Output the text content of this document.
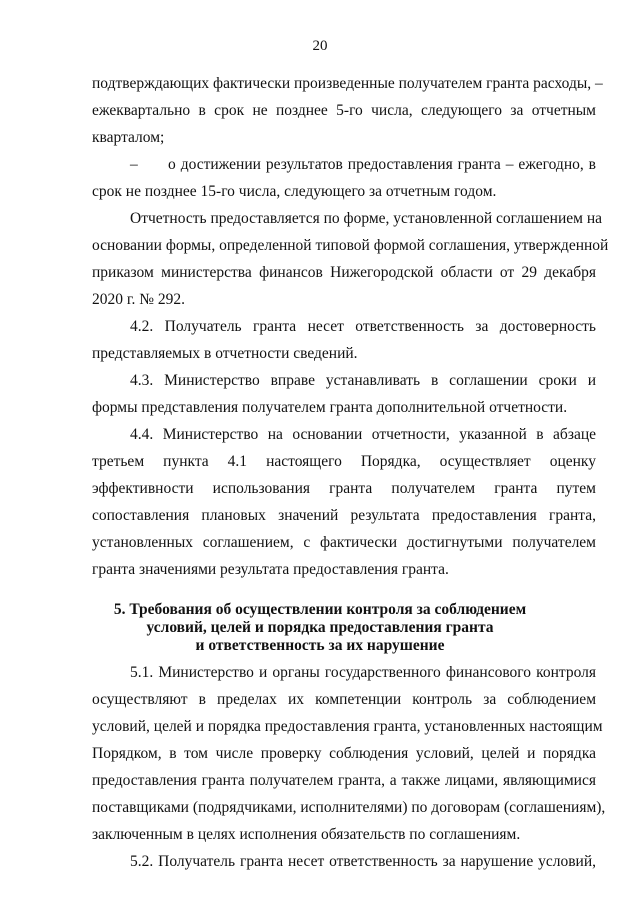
20
подтверждающих фактически произведенные получателем гранта расходы, –
ежеквартально в срок не позднее 5-го числа, следующего за отчетным
кварталом;
– о достижении результатов предоставления гранта – ежегодно, в
срок не позднее 15-го числа, следующего за отчетным годом.
Отчетность предоставляется по форме, установленной соглашением на
основании формы, определенной типовой формой соглашения, утвержденной
приказом министерства финансов Нижегородской области от 29 декабря
2020 г. № 292.
4.2. Получатель гранта несет ответственность за достоверность
представляемых в отчетности сведений.
4.3. Министерство вправе устанавливать в соглашении сроки и
формы представления получателем гранта дополнительной отчетности.
4.4. Министерство на основании отчетности, указанной в абзаце
третьем пункта 4.1 настоящего Порядка, осуществляет оценку
эффективности использования гранта получателем гранта путем
сопоставления плановых значений результата предоставления гранта,
установленных соглашением, с фактически достигнутыми получателем
гранта значениями результата предоставления гранта.
5. Требования об осуществлении контроля за соблюдением
условий, целей и порядка предоставления гранта
и ответственность за их нарушение
5.1. Министерство и органы государственного финансового контроля
осуществляют в пределах их компетенции контроль за соблюдением
условий, целей и порядка предоставления гранта, установленных настоящим
Порядком, в том числе проверку соблюдения условий, целей и порядка
предоставления гранта получателем гранта, а также лицами, являющимися
поставщиками (подрядчиками, исполнителями) по договорам (соглашениям),
заключенным в целях исполнения обязательств по соглашениям.
5.2. Получатель гранта несет ответственность за нарушение условий,
